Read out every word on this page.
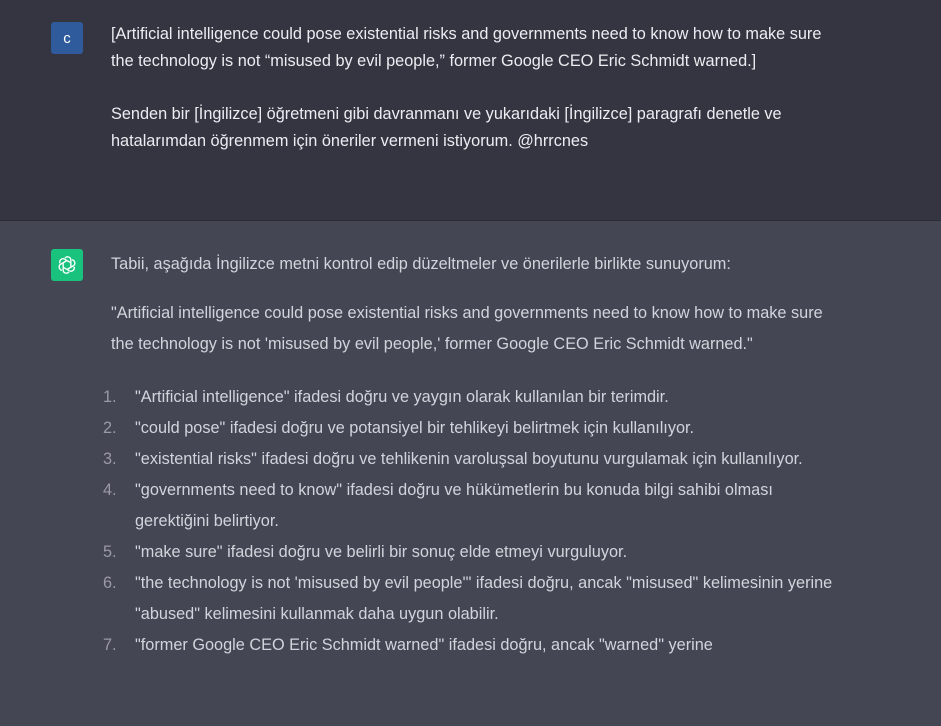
c	[Artificial intelligence could pose existential risks and governments need to know how to make sure the technology is not “misused by evil people,” former Google CEO Eric Schmidt warned.]

Senden bir [İngilizce] öğretmeni gibi davranmanı ve yukarıdaki [İngilizce] paragrafı denetle ve hatalarımdan öğrenmem için öneriler vermeni istiyorum. @hrrcnes

Tabii, aşağıda İngilizce metni kontrol edip düzeltmeler ve önerilerle birlikte sunuyorum:

"Artificial intelligence could pose existential risks and governments need to know how to make sure the technology is not 'misused by evil people,' former Google CEO Eric Schmidt warned."

1. "Artificial intelligence" ifadesi doğru ve yaygın olarak kullanılan bir terimdir.
2. "could pose" ifadesi doğru ve potansiyel bir tehlikeyi belirtmek için kullanılıyor.
3. "existential risks" ifadesi doğru ve tehlikenin varoluşsal boyutunu vurgulamak için kullanılıyor.
4. "governments need to know" ifadesi doğru ve hükümetlerin bu konuda bilgi sahibi olması gerektiğini belirtiyor.
5. "make sure" ifadesi doğru ve belirli bir sonuç elde etmeyi vurguluyor.
6. "the technology is not 'misused by evil people'" ifadesi doğru, ancak "misused" kelimesinin yerine "abused" kelimesini kullanmak daha uygun olabilir.
7. "former Google CEO Eric Schmidt warned" ifadesi doğru, ancak "warned" yerine
